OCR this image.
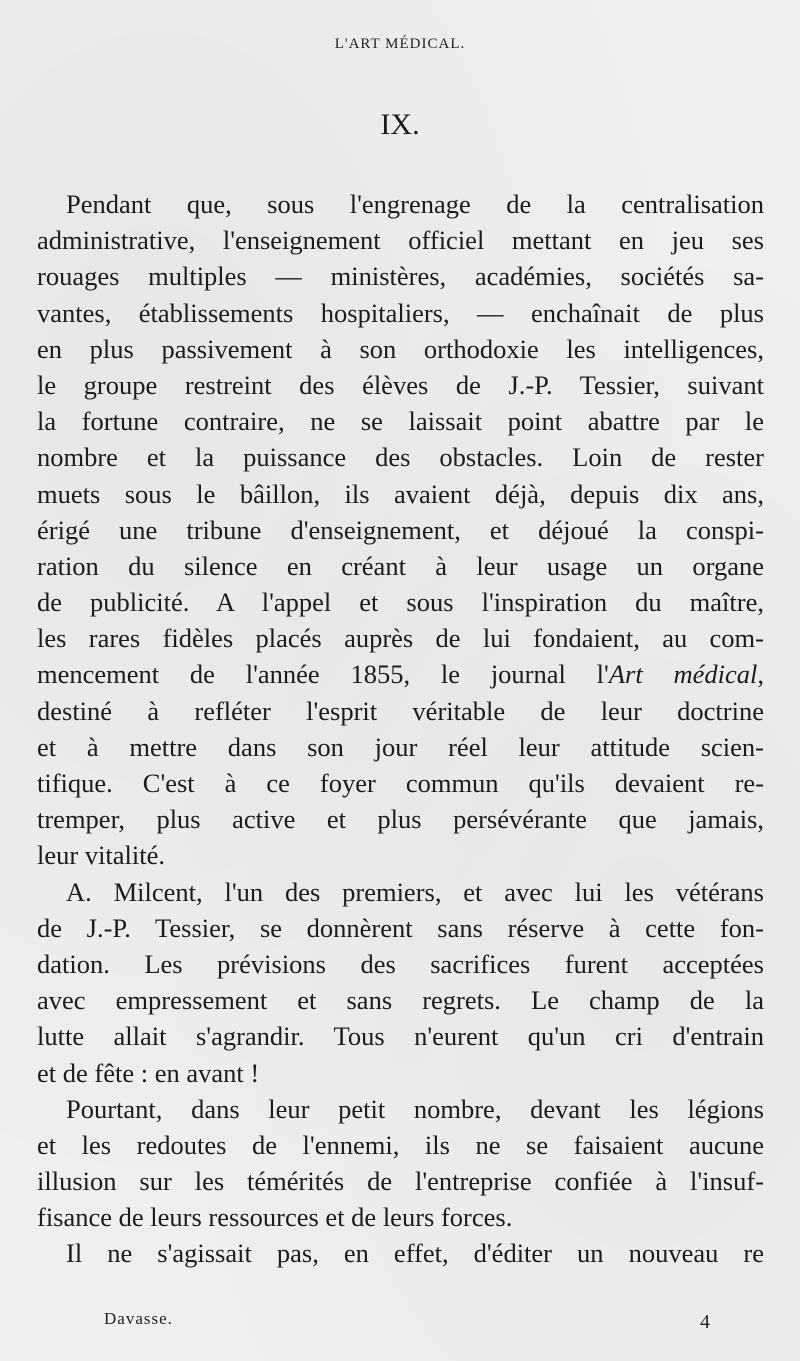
L'ART MÉDICAL.
IX.
Pendant que, sous l'engrenage de la centralisation
administrative, l'enseignement officiel mettant en jeu ses
rouages multiples — ministères, académies, sociétés sa-
vantes, établissements hospitaliers, — enchaînait de plus
en plus passivement à son orthodoxie les intelligences,
le groupe restreint des élèves de J.-P. Tessier, suivant
la fortune contraire, ne se laissait point abattre par le
nombre et la puissance des obstacles. Loin de rester
muets sous le bâillon, ils avaient déjà, depuis dix ans,
érigé une tribune d'enseignement, et déjoué la conspi-
ration du silence en créant à leur usage un organe
de publicité. A l'appel et sous l'inspiration du maître,
les rares fidèles placés auprès de lui fondaient, au com-
mencement de l'année 1855, le journal l'Art médical,
destiné à refléter l'esprit véritable de leur doctrine
et à mettre dans son jour réel leur attitude scien-
tifique. C'est à ce foyer commun qu'ils devaient re-
tremper, plus active et plus persévérante que jamais,
leur vitalité.
A. Milcent, l'un des premiers, et avec lui les vétérans
de J.-P. Tessier, se donnèrent sans réserve à cette fon-
dation. Les prévisions des sacrifices furent acceptées
avec empressement et sans regrets. Le champ de la
lutte allait s'agrandir. Tous n'eurent qu'un cri d'entrain
et de fête : en avant !
Pourtant, dans leur petit nombre, devant les légions
et les redoutes de l'ennemi, ils ne se faisaient aucune
illusion sur les témérités de l'entreprise confiée à l'insuf-
fisance de leurs ressources et de leurs forces.
Il ne s'agissait pas, en effet, d'éditer un nouveau re
Davasse.	4
